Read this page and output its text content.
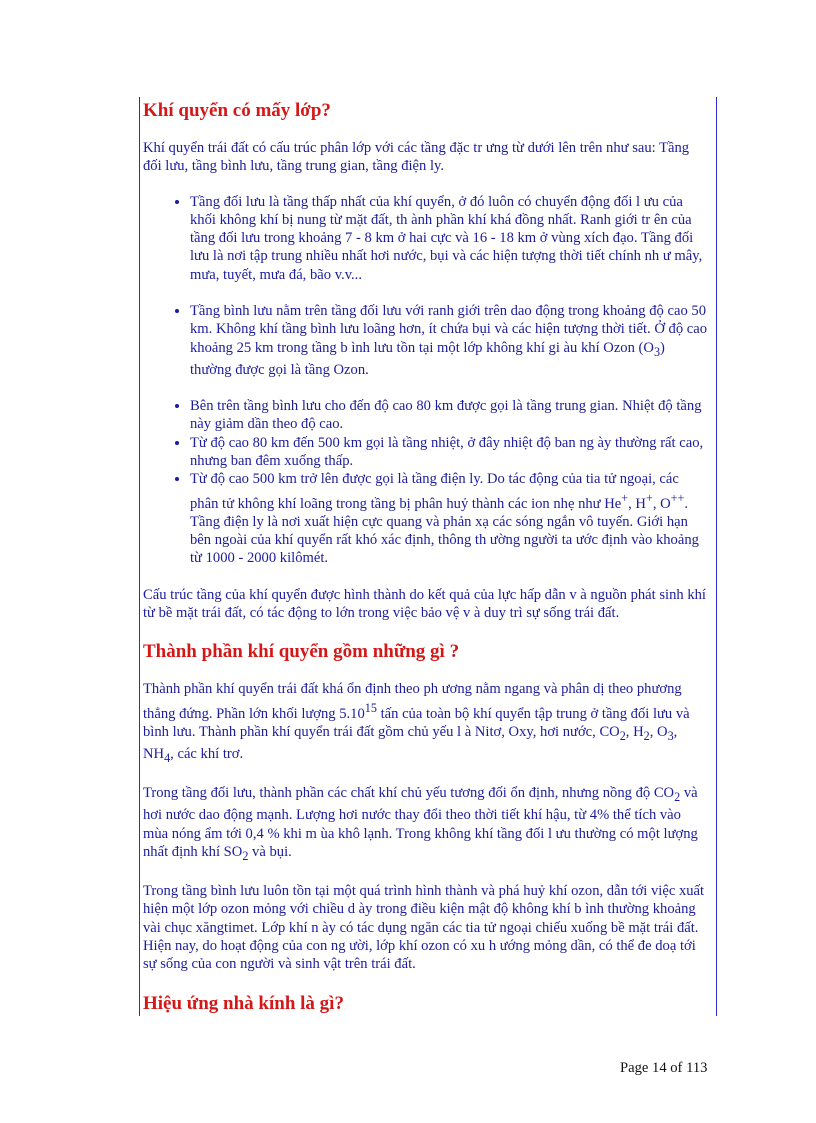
Khí quyển có mấy lớp?

Khí quyển trái đất có cấu trúc phân lớp với các tầng đặc tr ưng từ dưới lên trên như sau: Tầng đối lưu, tầng bình lưu, tầng trung gian, tầng điện ly.

• Tầng đối lưu là tầng thấp nhất của khí quyển, ở đó luôn có chuyển động đối l ưu của khối không khí bị nung từ mặt đất, th ành phần khí khá đồng nhất. Ranh giới tr ên của tầng đối lưu trong khoảng 7 - 8 km ở hai cực và 16 - 18 km ở vùng xích đạo. Tầng đối lưu là nơi tập trung nhiều nhất hơi nước, bụi và các hiện tượng thời tiết chính nh ư mây, mưa, tuyết, mưa đá, bão v.v...
• Tầng bình lưu nằm trên tầng đối lưu với ranh giới trên dao động trong khoảng độ cao 50 km. Không khí tầng bình lưu loãng hơn, ít chứa bụi và các hiện tượng thời tiết. Ở độ cao khoảng 25 km trong tầng b ình lưu tồn tại một lớp không khí gi àu khí Ozon $(O_3)$ thường được gọi là tầng Ozon.
• Bên trên tầng bình lưu cho đến độ cao 80 km được gọi là tầng trung gian. Nhiệt độ tầng này giảm dần theo độ cao.
• Từ độ cao 80 km đến 500 km gọi là tầng nhiệt, ở đây nhiệt độ ban ng ày thường rất cao, nhưng ban đêm xuống thấp.
• Từ độ cao 500 km trở lên được gọi là tầng điện ly. Do tác động của tia tử ngoại, các phân tử không khí loãng trong tầng bị phân huỷ thành các ion nhẹ như He+, H+, O++. Tầng điện ly là nơi xuất hiện cực quang và phản xạ các sóng ngắn vô tuyến. Giới hạn bên ngoài của khí quyển rất khó xác định, thông th ường người ta ước định vào khoảng từ 1000 - 2000 kilômét.

Cấu trúc tầng của khí quyển được hình thành do kết quả của lực hấp dẫn v à nguồn phát sinh khí từ bề mặt trái đất, có tác động to lớn trong việc bảo vệ v à duy trì sự sống trái đất.

Thành phần khí quyển gồm những gì ?

Thành phần khí quyển trái đất khá ổn định theo ph ương nằm ngang và phân dị theo phương thẳng đứng. Phần lớn khối lượng 5.10$^{15}$ tấn của toàn bộ khí quyển tập trung ở tầng đối lưu và bình lưu. Thành phần khí quyển trái đất gồm chủ yếu l à Nitơ, Oxy, hơi nước, $CO_2$, $H_2$, $O_3$, $NH_4$, các khí trơ.

Trong tầng đối lưu, thành phần các chất khí chủ yếu tương đối ổn định, nhưng nồng độ $CO_2$ và hơi nước dao động mạnh. Lượng hơi nước thay đổi theo thời tiết khí hậu, từ 4% thể tích vào mùa nóng ẩm tới 0,4 % khi m ùa khô lạnh. Trong không khí tầng đối l ưu thường có một lượng nhất định khí $SO_2$ và bụi.

Trong tầng bình lưu luôn tồn tại một quá trình hình thành và phá huỷ khí ozon, dẫn tới việc xuất hiện một lớp ozon mỏng với chiều d ày trong điều kiện mật độ không khí b ình thường khoảng vài chục xăngtimet. Lớp khí n ày có tác dụng ngăn các tia tử ngoại chiếu xuống bề mặt trái đất. Hiện nay, do hoạt động của con ng ười, lớp khí ozon có xu h ướng mỏng dần, có thể đe doạ tới sự sống của con người và sinh vật trên trái đất.

Hiệu ứng nhà kính là gì?
Page 14 of 113
